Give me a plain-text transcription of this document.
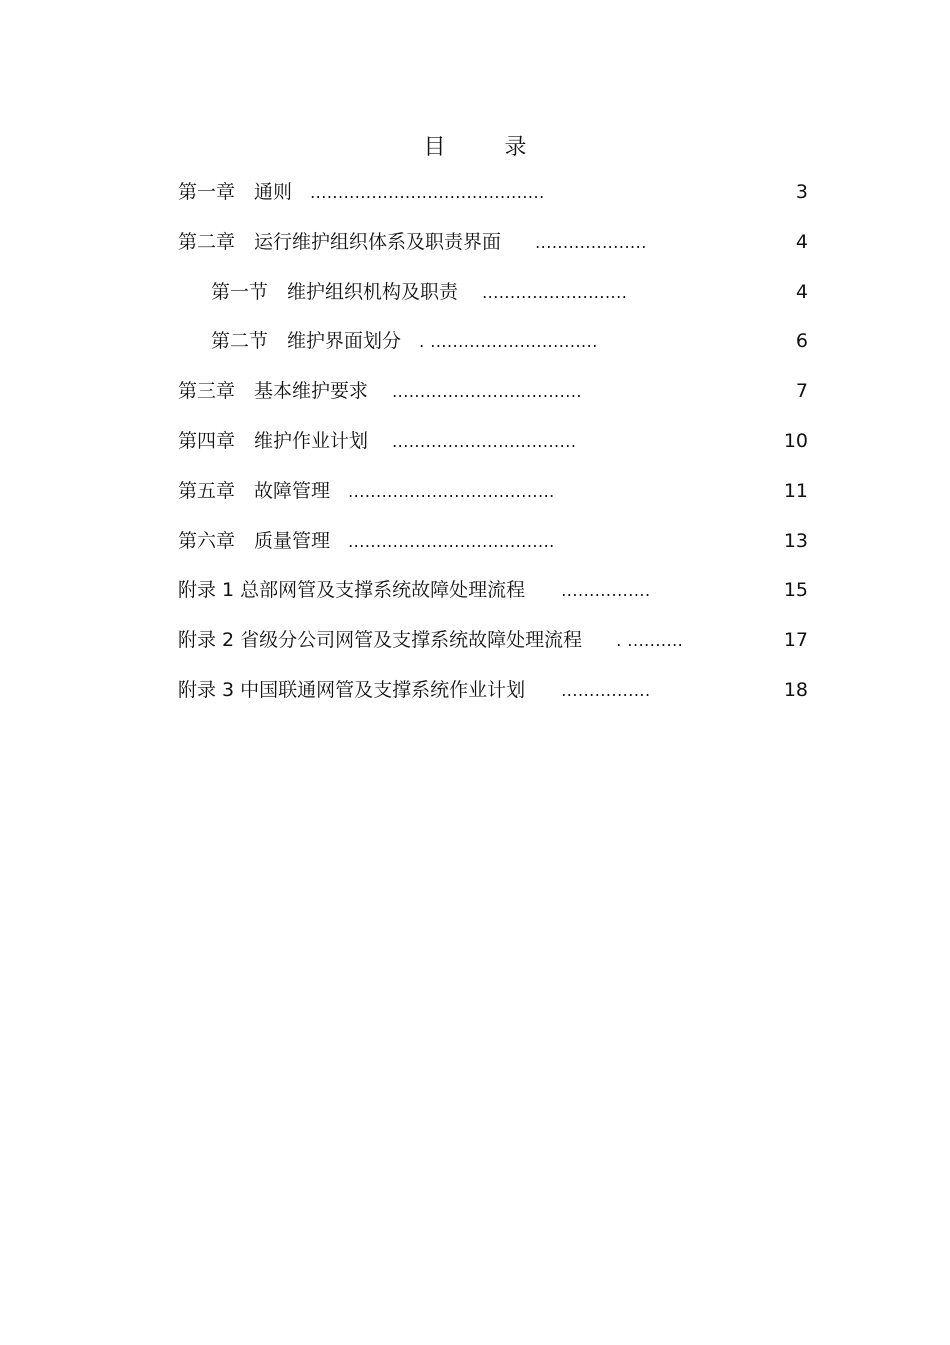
目 录
第一章　通则 ..........................................	3
第二章　运行维护组织体系及职责界面 ....................	4
第一节　维护组织机构及职责 ..........................	4
第二节　维护界面划分 . ..............................	6
第三章　基本维护要求 ..................................	7
第四章　维护作业计划 .................................	10
第五章　故障管理 .....................................	11
第六章　质量管理 .....................................	13
附录 1 总部网管及支撑系统故障处理流程 ................	15
附录 2 省级分公司网管及支撑系统故障处理流程 . ..........	17
附录 3 中国联通网管及支撑系统作业计划 ................	18
